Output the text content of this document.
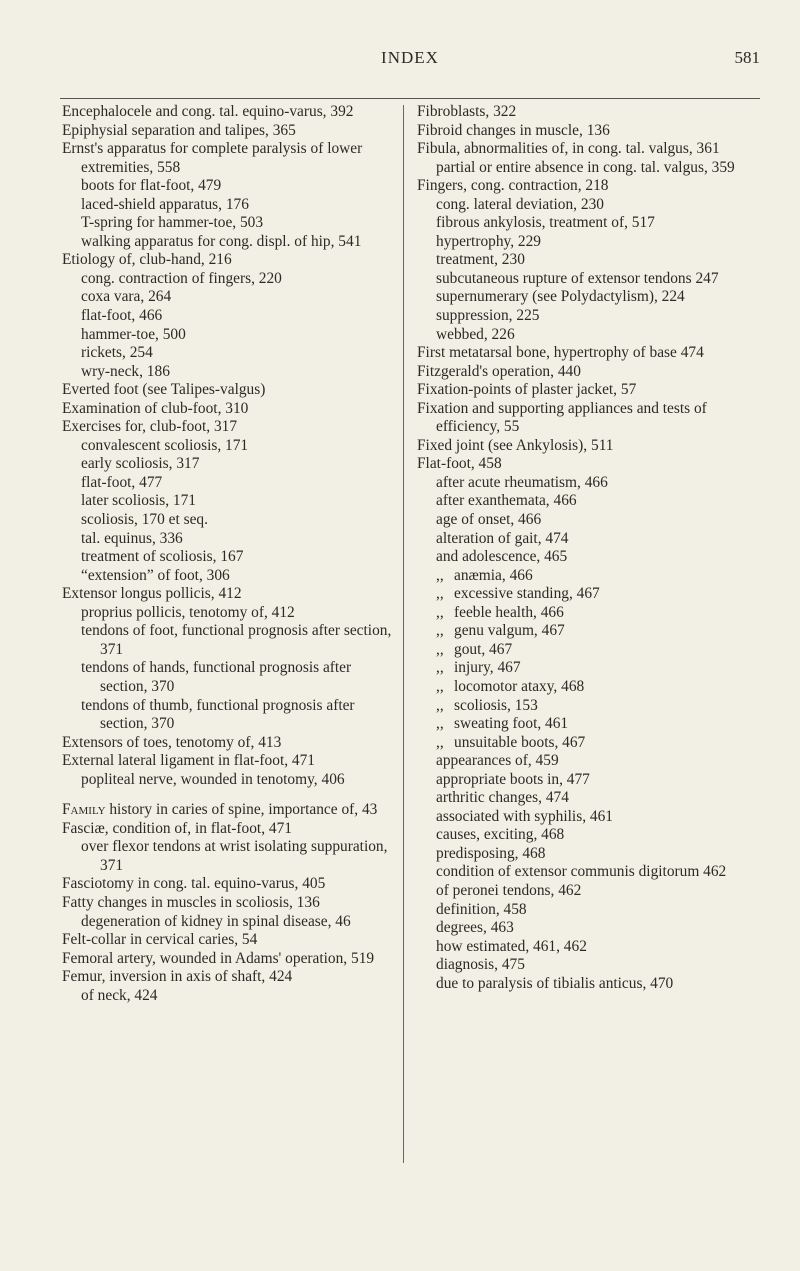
INDEX	581
Encephalocele and cong. tal. equino-varus, 392
Epiphysial separation and talipes, 365
Ernst's apparatus for complete paralysis of lower extremities, 558
boots for flat-foot, 479
laced-shield apparatus, 176
T-spring for hammer-toe, 503
walking apparatus for cong. displ. of hip, 541
Etiology of, club-hand, 216
cong. contraction of fingers, 220
coxa vara, 264
flat-foot, 466
hammer-toe, 500
rickets, 254
wry-neck, 186
Everted foot (see Talipes-valgus)
Examination of club-foot, 310
Exercises for, club-foot, 317
convalescent scoliosis, 171
early scoliosis, 317
flat-foot, 477
later scoliosis, 171
scoliosis, 170 et seq.
tal. equinus, 336
treatment of scoliosis, 167
“extension” of foot, 306
Extensor longus pollicis, 412
proprius pollicis, tenotomy of, 412
tendons of foot, functional prognosis after section, 371
tendons of hands, functional prognosis after section, 370
tendons of thumb, functional prognosis after section, 370
Extensors of toes, tenotomy of, 413
External lateral ligament in flat-foot, 471
popliteal nerve, wounded in tenotomy, 406
Family history in caries of spine, importance of, 43
Fasciæ, condition of, in flat-foot, 471
over flexor tendons at wrist isolating suppuration, 371
Fasciotomy in cong. tal. equino-varus, 405
Fatty changes in muscles in scoliosis, 136
degeneration of kidney in spinal disease, 46
Felt-collar in cervical caries, 54
Femoral artery, wounded in Adams' operation, 519
Femur, inversion in axis of shaft, 424
of neck, 424
Fibroblasts, 322
Fibroid changes in muscle, 136
Fibula, abnormalities of, in cong. tal. valgus, 361
partial or entire absence in cong. tal. valgus, 359
Fingers, cong. contraction, 218
cong. lateral deviation, 230
fibrous ankylosis, treatment of, 517
hypertrophy, 229
treatment, 230
subcutaneous rupture of extensor tendons 247
supernumerary (see Polydactylism), 224
suppression, 225
webbed, 226
First metatarsal bone, hypertrophy of base 474
Fitzgerald's operation, 440
Fixation-points of plaster jacket, 57
Fixation and supporting appliances and tests of efficiency, 55
Fixed joint (see Ankylosis), 511
Flat-foot, 458
after acute rheumatism, 466
after exanthemata, 466
age of onset, 466
alteration of gait, 474
and adolescence, 465
,, anæmia, 466
,, excessive standing, 467
,, feeble health, 466
,, genu valgum, 467
,, gout, 467
,, injury, 467
,, locomotor ataxy, 468
,, scoliosis, 153
,, sweating foot, 461
,, unsuitable boots, 467
appearances of, 459
appropriate boots in, 477
arthritic changes, 474
associated with syphilis, 461
causes, exciting, 468
predisposing, 468
condition of extensor communis digitorum 462
of peronei tendons, 462
definition, 458
degrees, 463
how estimated, 461, 462
diagnosis, 475
due to paralysis of tibialis anticus, 470
